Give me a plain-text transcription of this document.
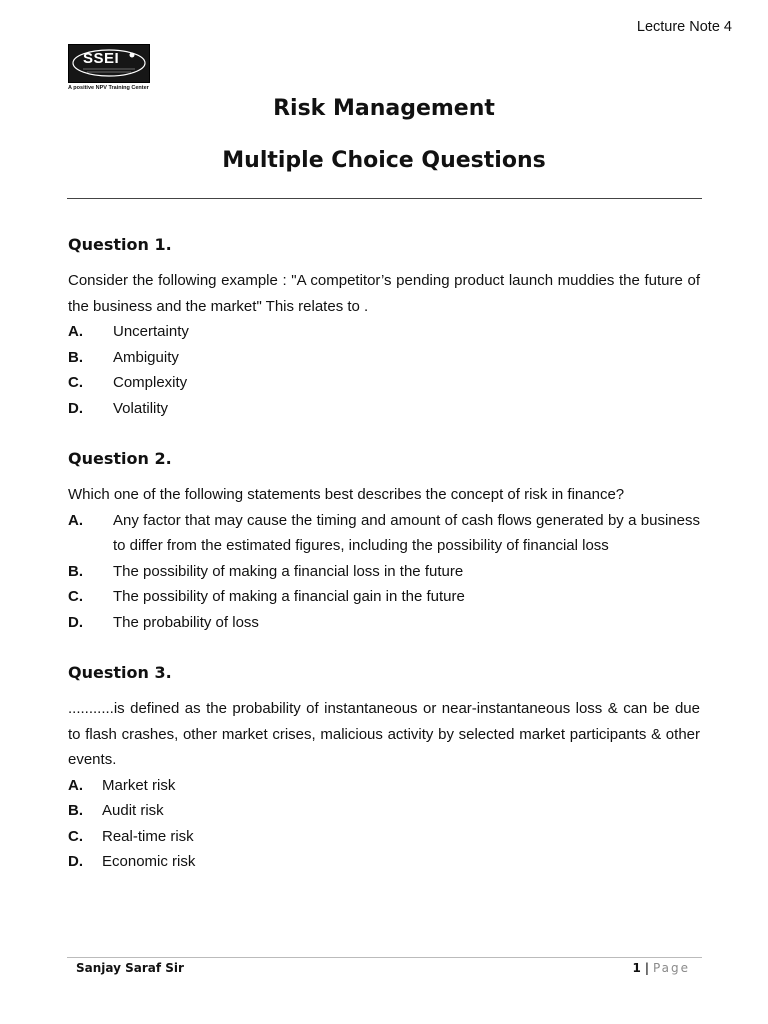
Lecture Note 4
SSEI
A positive NPV Training Center
Risk Management
Multiple Choice Questions
Question 1.

Consider the following example : "A competitor’s pending product launch muddies the future of the business and the market" This relates to .

A.	Uncertainty
B.	Ambiguity
C.	Complexity
D.	Volatility
Question 2.

Which one of the following statements best describes the concept of risk in finance?

A.	Any factor that may cause the timing and amount of cash flows generated by a business to differ from the estimated figures, including the possibility of financial loss
B.	The possibility of making a financial loss in the future
C.	The possibility of making a financial gain in the future
D.	The probability of loss
Question 3.

...........is defined as the probability of instantaneous or near-instantaneous loss & can be due to flash crashes, other market crises, malicious activity by selected market participants & other events.

A.	Market risk
B.	Audit risk
C.	Real-time risk
D.	Economic risk
Sanjay Saraf Sir	1 | Page
